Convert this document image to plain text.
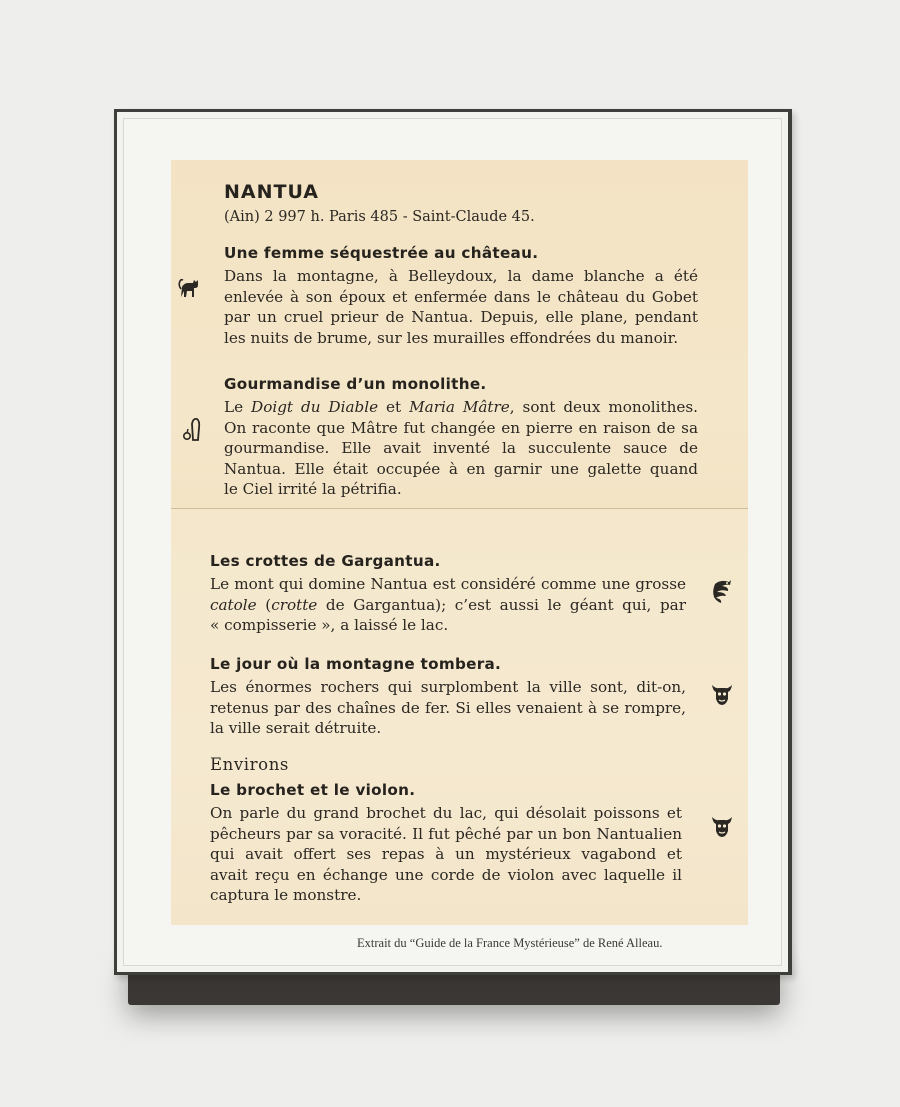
NANTUA
(Ain) 2 997 h. Paris 485 - Saint-Claude 45.
Une femme séquestrée au château.

Dans la montagne, à Belleydoux, la dame blanche a été

enlevée à son époux et enfermée dans le château du Gobet

par un cruel prieur de Nantua. Depuis, elle plane, pendant

les nuits de brume, sur les murailles effondrées du manoir.

Gourmandise d’un monolithe.

Le Doigt du Diable et Maria Mâtre, sont deux monolithes.

On raconte que Mâtre fut changée en pierre en raison de sa

gourmandise. Elle avait inventé la succulente sauce de

Nantua. Elle était occupée à en garnir une galette quand

le Ciel irrité la pétrifia.

Les crottes de Gargantua.

Le mont qui domine Nantua est considéré comme une grosse

catole (crotte de Gargantua); c’est aussi le géant qui, par

« compisserie », a laissé le lac.

Le jour où la montagne tombera.

Les énormes rochers qui surplombent la ville sont, dit-on,

retenus par des chaînes de fer. Si elles venaient à se rompre,

la ville serait détruite.

Environs
Le brochet et le violon.

On parle du grand brochet du lac, qui désolait poissons et

pêcheurs par sa voracité. Il fut pêché par un bon Nantualien

qui avait offert ses repas à un mystérieux vagabond et

avait reçu en échange une corde de violon avec laquelle il

captura le monstre.

Extrait du “Guide de la France Mystérieuse” de René Alleau.
